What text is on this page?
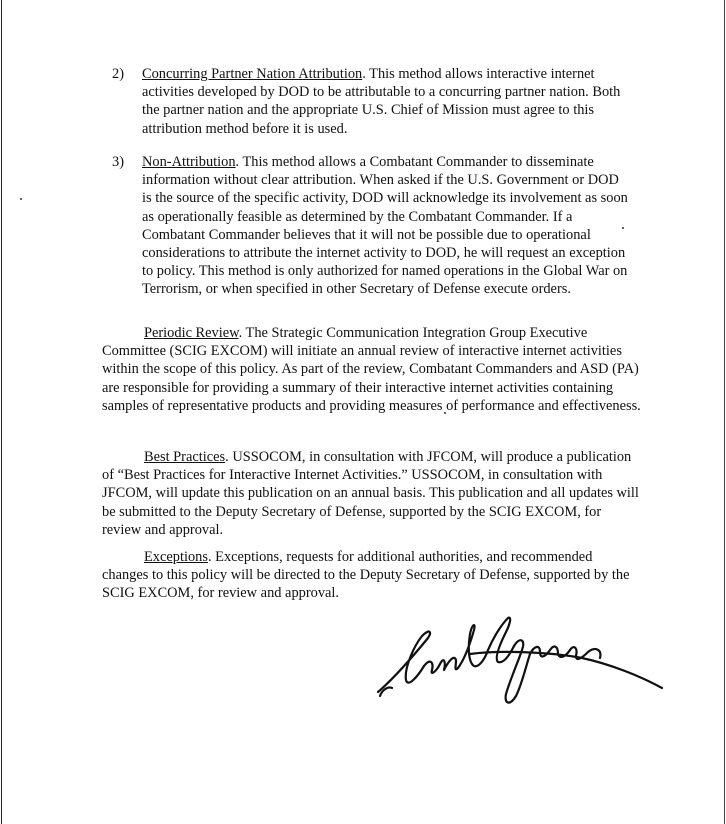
2)	Concurring Partner Nation Attribution. This method allows interactive internet activities developed by DOD to be attributable to a concurring partner nation. Both the partner nation and the appropriate U.S. Chief of Mission must agree to this attribution method before it is used.
3)	Non-Attribution. This method allows a Combatant Commander to disseminate information without clear attribution. When asked if the U.S. Government or DOD is the source of the specific activity, DOD will acknowledge its involvement as soon as operationally feasible as determined by the Combatant Commander. If a Combatant Commander believes that it will not be possible due to operational considerations to attribute the internet activity to DOD, he will request an exception to policy. This method is only authorized for named operations in the Global War on Terrorism, or when specified in other Secretary of Defense execute orders.
Periodic Review. The Strategic Communication Integration Group Executive Committee (SCIG EXCOM) will initiate an annual review of interactive internet activities within the scope of this policy. As part of the review, Combatant Commanders and ASD (PA) are responsible for providing a summary of their interactive internet activities containing samples of representative products and providing measures of performance and effectiveness.
Best Practices. USSOCOM, in consultation with JFCOM, will produce a publication of “Best Practices for Interactive Internet Activities.” USSOCOM, in consultation with JFCOM, will update this publication on an annual basis. This publication and all updates will be submitted to the Deputy Secretary of Defense, supported by the SCIG EXCOM, for review and approval.
Exceptions. Exceptions, requests for additional authorities, and recommended changes to this policy will be directed to the Deputy Secretary of Defense, supported by the SCIG EXCOM, for review and approval.
